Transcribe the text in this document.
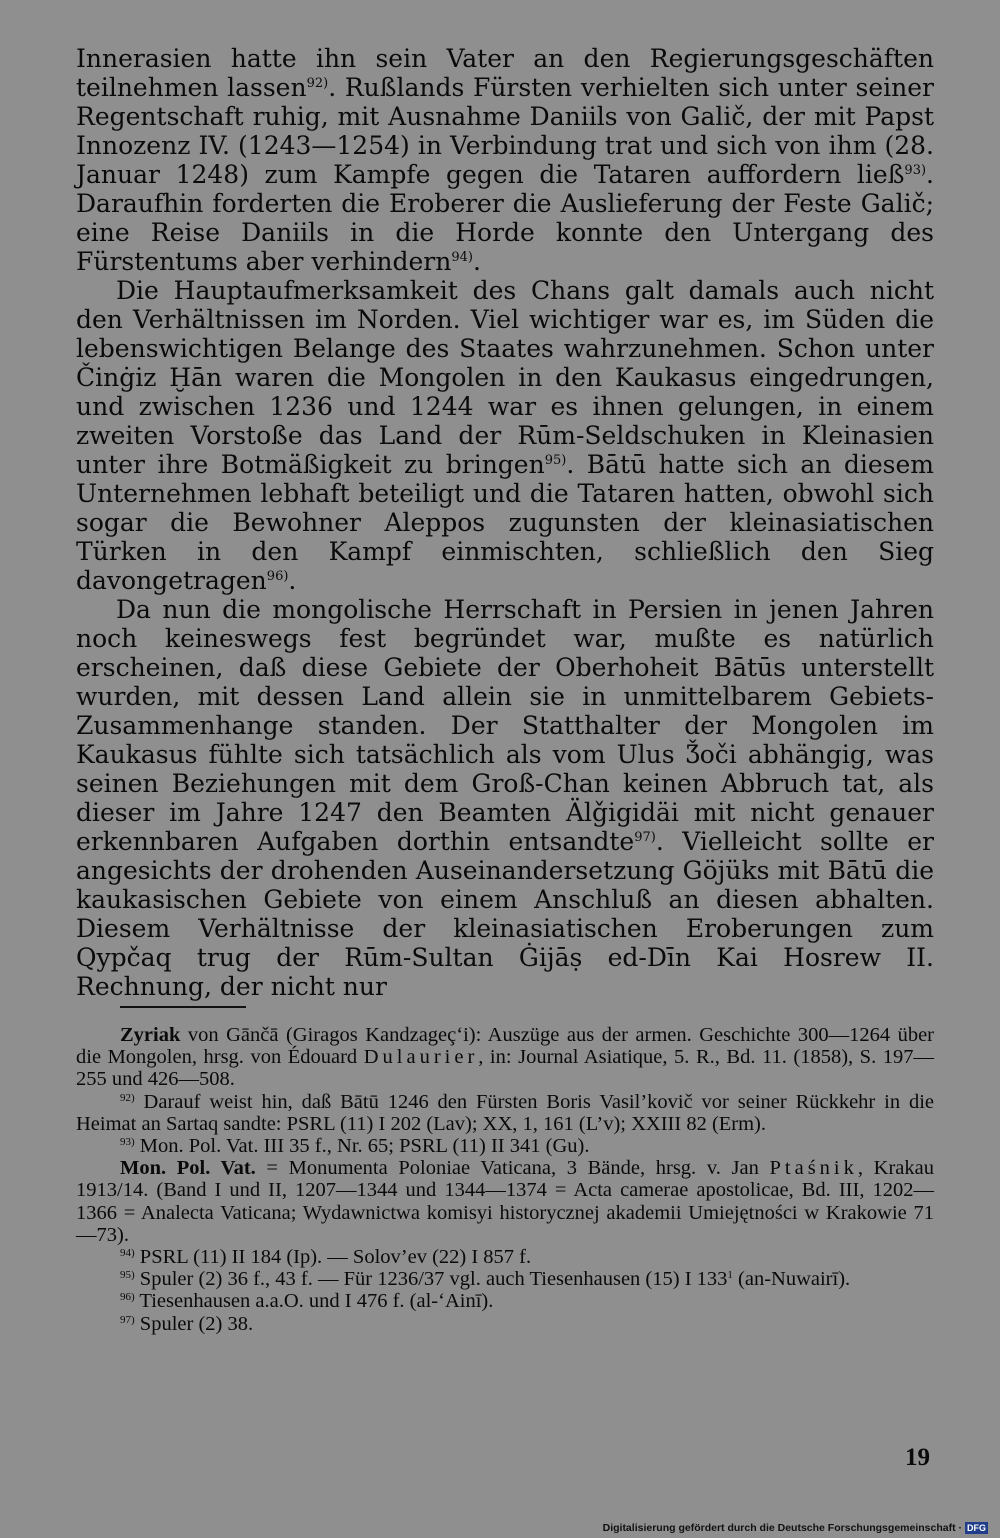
Innerasien hatte ihn sein Vater an den Regierungsgeschäften teilnehmen lassen$^{92)}$. Rußlands Fürsten verhielten sich unter seiner Regentschaft ruhig, mit Ausnahme Daniils von Galič, der mit Papst Innozenz IV. (1243—1254) in Verbindung trat und sich von ihm (28. Januar 1248) zum Kampfe gegen die Tataren auffordern ließ$^{93)}$. Daraufhin forderten die Eroberer die Auslieferung der Feste Galič; eine Reise Daniils in die Horde konnte den Untergang des Fürstentums aber verhindern$^{94)}$.

Die Hauptaufmerksamkeit des Chans galt damals auch nicht den Verhältnissen im Norden. Viel wichtiger war es, im Süden die lebenswichtigen Belange des Staates wahrzunehmen. Schon unter Činġiz Ḫān waren die Mongolen in den Kaukasus eingedrungen, und zwischen 1236 und 1244 war es ihnen gelungen, in einem zweiten Vorstoße das Land der Rūm-Seldschuken in Kleinasien unter ihre Botmäßigkeit zu bringen$^{95)}$. Bātū hatte sich an diesem Unternehmen lebhaft beteiligt und die Tataren hatten, obwohl sich sogar die Bewohner Aleppos zugunsten der kleinasiatischen Türken in den Kampf einmischten, schließlich den Sieg davongetragen$^{96)}$.

Da nun die mongolische Herrschaft in Persien in jenen Jahren noch keineswegs fest begründet war, mußte es natürlich erscheinen, daß diese Gebiete der Oberhoheit Bātūs unterstellt wurden, mit dessen Land allein sie in unmittelbarem Gebiets-Zusammenhange standen. Der Statthalter der Mongolen im Kaukasus fühlte sich tatsächlich als vom Ulus Ǯoči abhängig, was seinen Beziehungen mit dem Groß-Chan keinen Abbruch tat, als dieser im Jahre 1247 den Beamten Älǧigidäi mit nicht genauer erkennbaren Aufgaben dorthin entsandte$^{97)}$. Vielleicht sollte er angesichts der drohenden Auseinandersetzung Göjüks mit Bātū die kaukasischen Gebiete von einem Anschluß an diesen abhalten. Diesem Verhältnisse der kleinasiatischen Eroberungen zum Qypčaq trug der Rūm-Sultan Ġijāṣ ed-Dīn Kai Hosrew II. Rechnung, der nicht nur

Zyriak von Gānčā (Giragos Kandzageç‘i): Auszüge aus der armen. Geschichte 300—1264 über die Mongolen, hrsg. von Édouard Dulaurier, in: Journal Asiatique, 5. R., Bd. 11. (1858), S. 197—255 und 426—508.

$^{92)}$ Darauf weist hin, daß Bātū 1246 den Fürsten Boris Vasil’kovič vor seiner Rückkehr in die Heimat an Sartaq sandte: PSRL (11) I 202 (Lav); XX, 1, 161 (L’v); XXIII 82 (Erm).

$^{93)}$ Mon. Pol. Vat. III 35 f., Nr. 65; PSRL (11) II 341 (Gu).

Mon. Pol. Vat. = Monumenta Poloniae Vaticana, 3 Bände, hrsg. v. Jan Ptaśnik, Krakau 1913/14. (Band I und II, 1207—1344 und 1344—1374 = Acta camerae apostolicae, Bd. III, 1202—1366 = Analecta Vaticana; Wydawnictwa komisyi historycznej akademii Umiejętności w Krakowie 71—73).

$^{94)}$ PSRL (11) II 184 (Ip). — Solov’ev (22) I 857 f.

$^{95)}$ Spuler (2) 36 f., 43 f. — Für 1236/37 vgl. auch Tiesenhausen (15) I $133^1$ (an-Nuwairī).

$^{96)}$ Tiesenhausen a.a.O. und I 476 f. (al-‘Ainī).

$^{97)}$ Spuler (2) 38.

19
Digitalisierung gefördert durch die Deutsche Forschungsgemeinschaft · DFG
